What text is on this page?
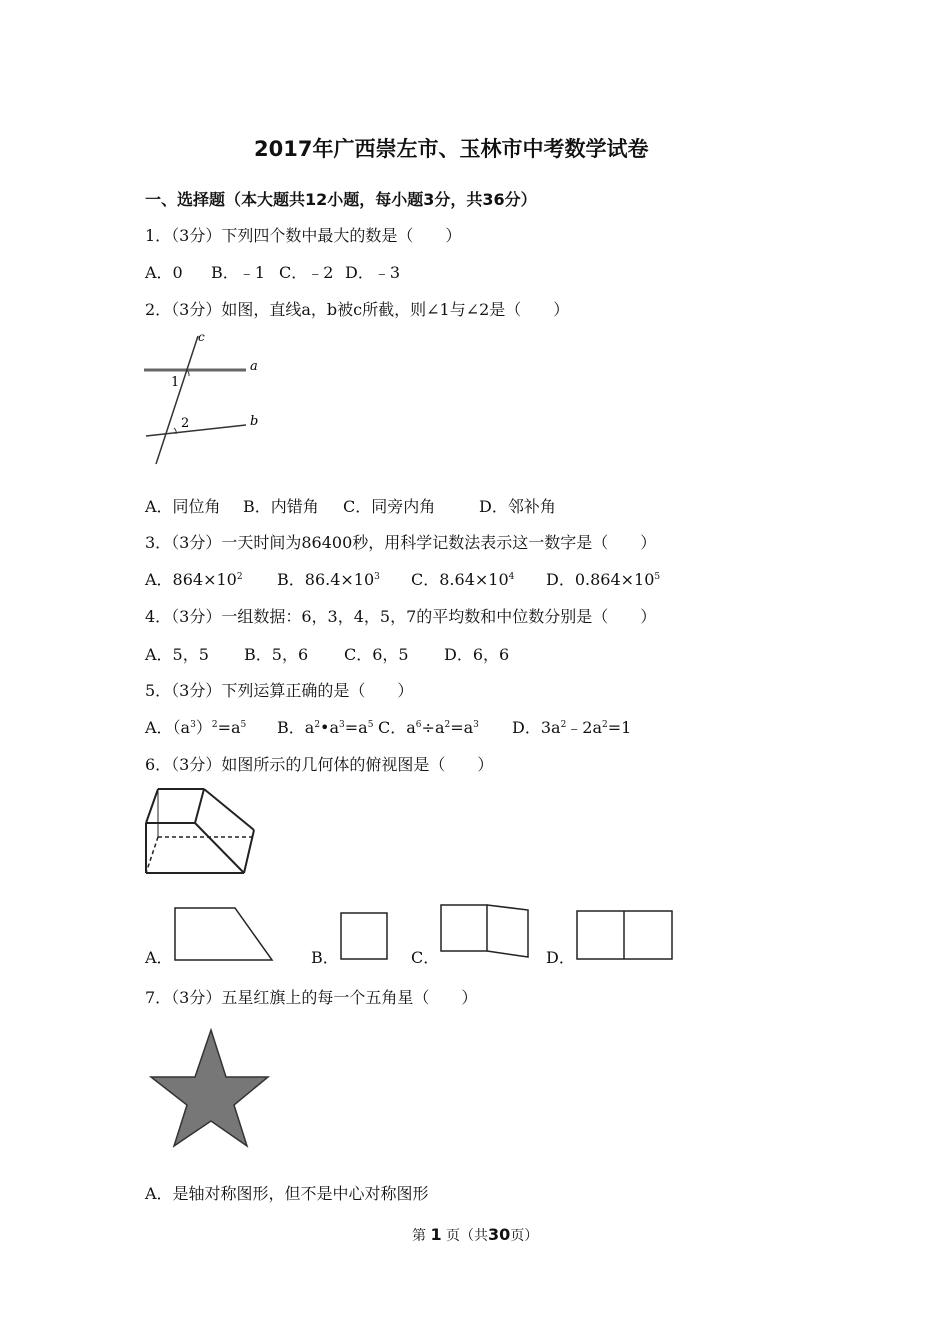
2017年广西崇左市、玉林市中考数学试卷
一、选择题（本大题共12小题，每小题3分，共36分）
1．（3分）下列四个数中最大的数是（　　）
A．0 B．﹣1 C．﹣2 D．﹣3
2．（3分）如图，直线a，b被c所截，则∠1与∠2是（　　）
c
a
b
1
2
A．同位角 B．内错角 C．同旁内角	D．邻补角
3．（3分）一天时间为86400秒，用科学记数法表示这一数字是（　　）
A．$864\times 10^2$ B．$86.4\times 10^3$ C．$8.64\times 10^4$ D．$0.864\times 10^5$
4．（3分）一组数据：6，3，4，5，7的平均数和中位数分别是（　　）
A．5，5 B．5，6 C．6，5 D．6，6
5．（3分）下列运算正确的是（　　）
A．$(a^3)^2=a^5$ B．$a^2•a^3=a^5$ C．$a^6\div a^2=a^3$ D．$3a^2﹣2a^2=1$
6．（3分）如图所示的几何体的俯视图是（　　）
A．	B．	C．	D．
7．（3分）五星红旗上的每一个五角星（　　）
A．是轴对称图形，但不是中心对称图形
第 1 页（共30页）
